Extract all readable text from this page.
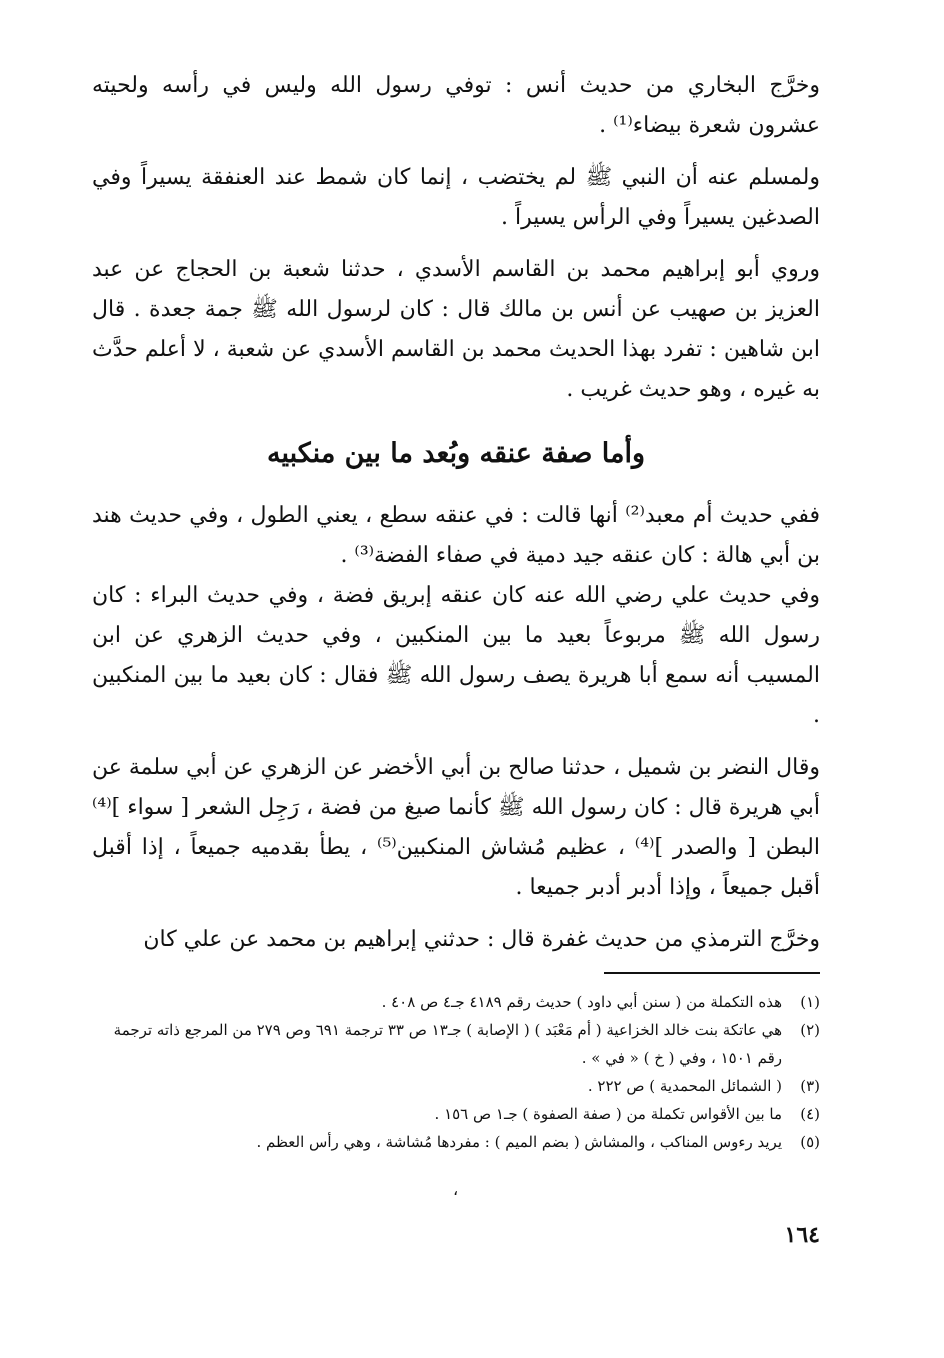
وخرَّج البخاري من حديث أنس : توفي رسول الله وليس في رأسه ولحيته عشرون شعرة بيضاء⁽¹⁾ .

ولمسلم عنه أن النبي ﷺ لم يختضب ، إنما كان شمط عند العنفقة يسيراً وفي الصدغين يسيراً وفي الرأس يسيراً .

وروي أبو إبراهيم محمد بن القاسم الأسدي ، حدثنا شعبة بن الحجاج عن عبد العزيز بن صهيب عن أنس بن مالك قال : كان لرسول الله ﷺ جمة جعدة . قال ابن شاهين : تفرد بهذا الحديث محمد بن القاسم الأسدي عن شعبة ، لا أعلم حدَّث به غيره ، وهو حديث غريب .

وأما صفة عنقه وبُعد ما بين منكبيه

ففي حديث أم معبد⁽²⁾ أنها قالت : في عنقه سطع ، يعني الطول ، وفي حديث هند بن أبي هالة : كان عنقه جيد دمية في صفاء الفضة⁽³⁾ .

وفي حديث علي رضي الله عنه كان عنقه إبريق فضة ، وفي حديث البراء : كان رسول الله ﷺ مربوعاً بعيد ما بين المنكبين ، وفي حديث الزهري عن ابن المسيب أنه سمع أبا هريرة يصف رسول الله ﷺ فقال : كان بعيد ما بين المنكبين .

وقال النضر بن شميل ، حدثنا صالح بن أبي الأخضر عن الزهري عن أبي سلمة عن أبي هريرة قال : كان رسول الله ﷺ كأنما صيغ من فضة ، رَجِل الشعر [ سواء ]⁽⁴⁾ البطن [ والصدر ]⁽⁴⁾ ، عظيم مُشاش المنكبين⁽⁵⁾ ، يطأ بقدميه جميعاً ، إذا أقبل أقبل جميعاً ، وإذا أدبر أدبر جميعا .

وخرَّج الترمذي من حديث غفرة قال : حدثني إبراهيم بن محمد عن علي كان

(١)
هذه التكملة من ( سنن أبي داود ) حديث رقم ٤١٨٩ جـ٤ ص ٤٠٨ .
(٢)
هي عاتكة بنت خالد الخزاعية ( أم مَعْبَد ) ( الإصابة ) جـ١٣ ص ٣٣ ترجمة ٦٩١ وص ٢٧٩ من المرجع ذاته ترجمة رقم ١٥٠١ ، وفي ( خ ) « في » .
(٣)
( الشمائل المحمدية ) ص ٢٢٢ .
(٤)
ما بين الأقواس تكملة من ( صفة الصفوة ) جـ١ ص ١٥٦ .
(٥)
يريد رءوس المناكب ، والمشاش ( بضم الميم ) : مفردها مُشاشة ، وهي رأس العظم .
،
١٦٤
